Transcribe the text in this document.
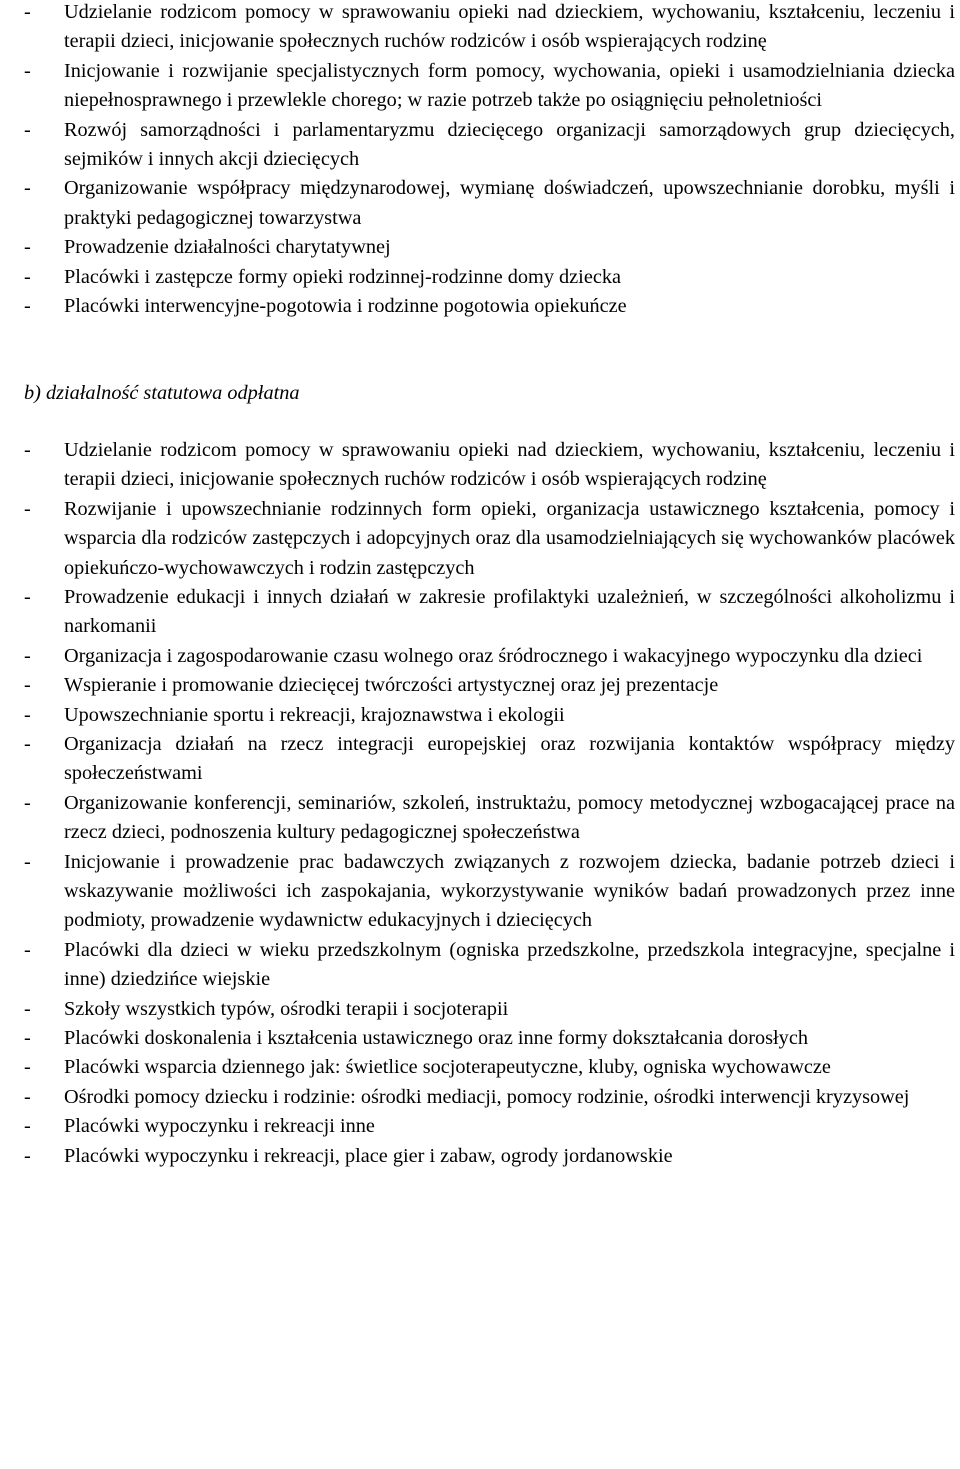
- Udzielanie rodzicom pomocy w sprawowaniu opieki nad dzieckiem, wychowaniu, kształceniu, leczeniu i terapii dzieci, inicjowanie społecznych ruchów rodziców i osób wspierających rodzinę
- Inicjowanie i rozwijanie specjalistycznych form pomocy, wychowania, opieki i usamodzielniania dziecka niepełnosprawnego i przewlekle chorego; w razie potrzeb także po osiągnięciu pełnoletniości
- Rozwój samorządności i parlamentaryzmu dziecięcego organizacji samorządowych grup dziecięcych, sejmików i innych akcji dziecięcych
- Organizowanie współpracy międzynarodowej, wymianę doświadczeń, upowszechnianie dorobku, myśli i praktyki pedagogicznej towarzystwa
- Prowadzenie działalności charytatywnej
- Placówki i zastępcze formy opieki rodzinnej-rodzinne domy dziecka
- Placówki interwencyjne-pogotowia i rodzinne pogotowia opiekuńcze
b) działalność statutowa odpłatna
- Udzielanie rodzicom pomocy w sprawowaniu opieki nad dzieckiem, wychowaniu, kształceniu, leczeniu i terapii dzieci, inicjowanie społecznych ruchów rodziców i osób wspierających rodzinę
- Rozwijanie i upowszechnianie rodzinnych form opieki, organizacja ustawicznego kształcenia, pomocy i wsparcia dla rodziców zastępczych i adopcyjnych oraz dla usamodzielniających się wychowanków placówek opiekuńczo-wychowawczych i rodzin zastępczych
- Prowadzenie edukacji i innych działań w zakresie profilaktyki uzależnień, w szczególności alkoholizmu i narkomanii
- Organizacja i zagospodarowanie czasu wolnego oraz śródrocznego i wakacyjnego wypoczynku dla dzieci
- Wspieranie i promowanie dziecięcej twórczości artystycznej oraz jej prezentacje
- Upowszechnianie sportu i rekreacji, krajoznawstwa i ekologii
- Organizacja działań na rzecz integracji europejskiej oraz rozwijania kontaktów współpracy między społeczeństwami
- Organizowanie konferencji, seminariów, szkoleń, instruktażu, pomocy metodycznej wzbogacającej prace na rzecz dzieci, podnoszenia kultury pedagogicznej społeczeństwa
- Inicjowanie i prowadzenie prac badawczych związanych z rozwojem dziecka, badanie potrzeb dzieci i wskazywanie możliwości ich zaspokajania, wykorzystywanie wyników badań prowadzonych przez inne podmioty, prowadzenie wydawnictw edukacyjnych i dziecięcych
- Placówki dla dzieci w wieku przedszkolnym (ogniska przedszkolne, przedszkola integracyjne, specjalne i inne) dziedzińce wiejskie
- Szkoły wszystkich typów, ośrodki terapii i socjoterapii
- Placówki doskonalenia i kształcenia ustawicznego oraz inne formy dokształcania dorosłych
- Placówki wsparcia dziennego jak: świetlice socjoterapeutyczne, kluby, ogniska wychowawcze
- Ośrodki pomocy dziecku i rodzinie: ośrodki mediacji, pomocy rodzinie, ośrodki interwencji kryzysowej
- Placówki wypoczynku i rekreacji inne
- Placówki wypoczynku i rekreacji, place gier i zabaw, ogrody jordanowskie
